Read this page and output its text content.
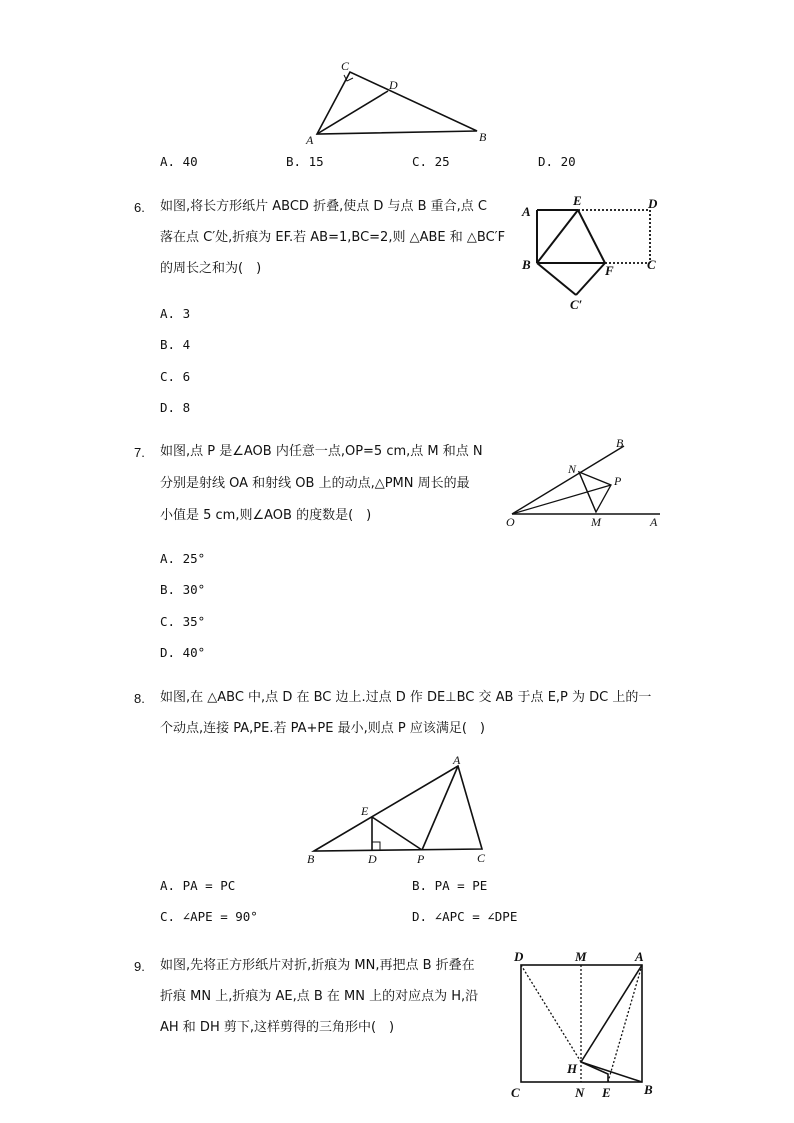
C
D
A	B
A. 40	B. 15	C. 25	D. 20
6. 如图,将长方形纸片 ABCD 折叠,使点 D 与点 B 重合,点 C
落在点 C′处,折痕为 EF.若 AB=1,BC=2,则 △ABE 和 △BC′F
的周长之和为(　)
A
E	D
B	F	C
C′
A. 3
B. 4
C. 6
D. 8
7. 如图,点 P 是∠AOB 内任意一点,OP=5 cm,点 M 和点 N
分别是射线 OA 和射线 OB 上的动点,△PMN 周长的最
小值是 5 cm,则∠AOB 的度数是(　)
B
N
P
O	M	A
A. 25°
B. 30°
C. 35°
D. 40°
8. 如图,在 △ABC 中,点 D 在 BC 边上.过点 D 作 DE⊥BC 交 AB 于点 E,P 为 DC 上的一
个动点,连接 PA,PE.若 PA+PE 最小,则点 P 应该满足(　)
A
E
B	D	P	C
A. PA = PC	B. PA = PE
C. ∠APE = 90°	D. ∠APC = ∠DPE
9. 如图,先将正方形纸片对折,折痕为 MN,再把点 B 折叠在
折痕 MN 上,折痕为 AE,点 B 在 MN 上的对应点为 H,沿
AH 和 DH 剪下,这样剪得的三角形中(　)
D	M	A
H
C	N E	B
